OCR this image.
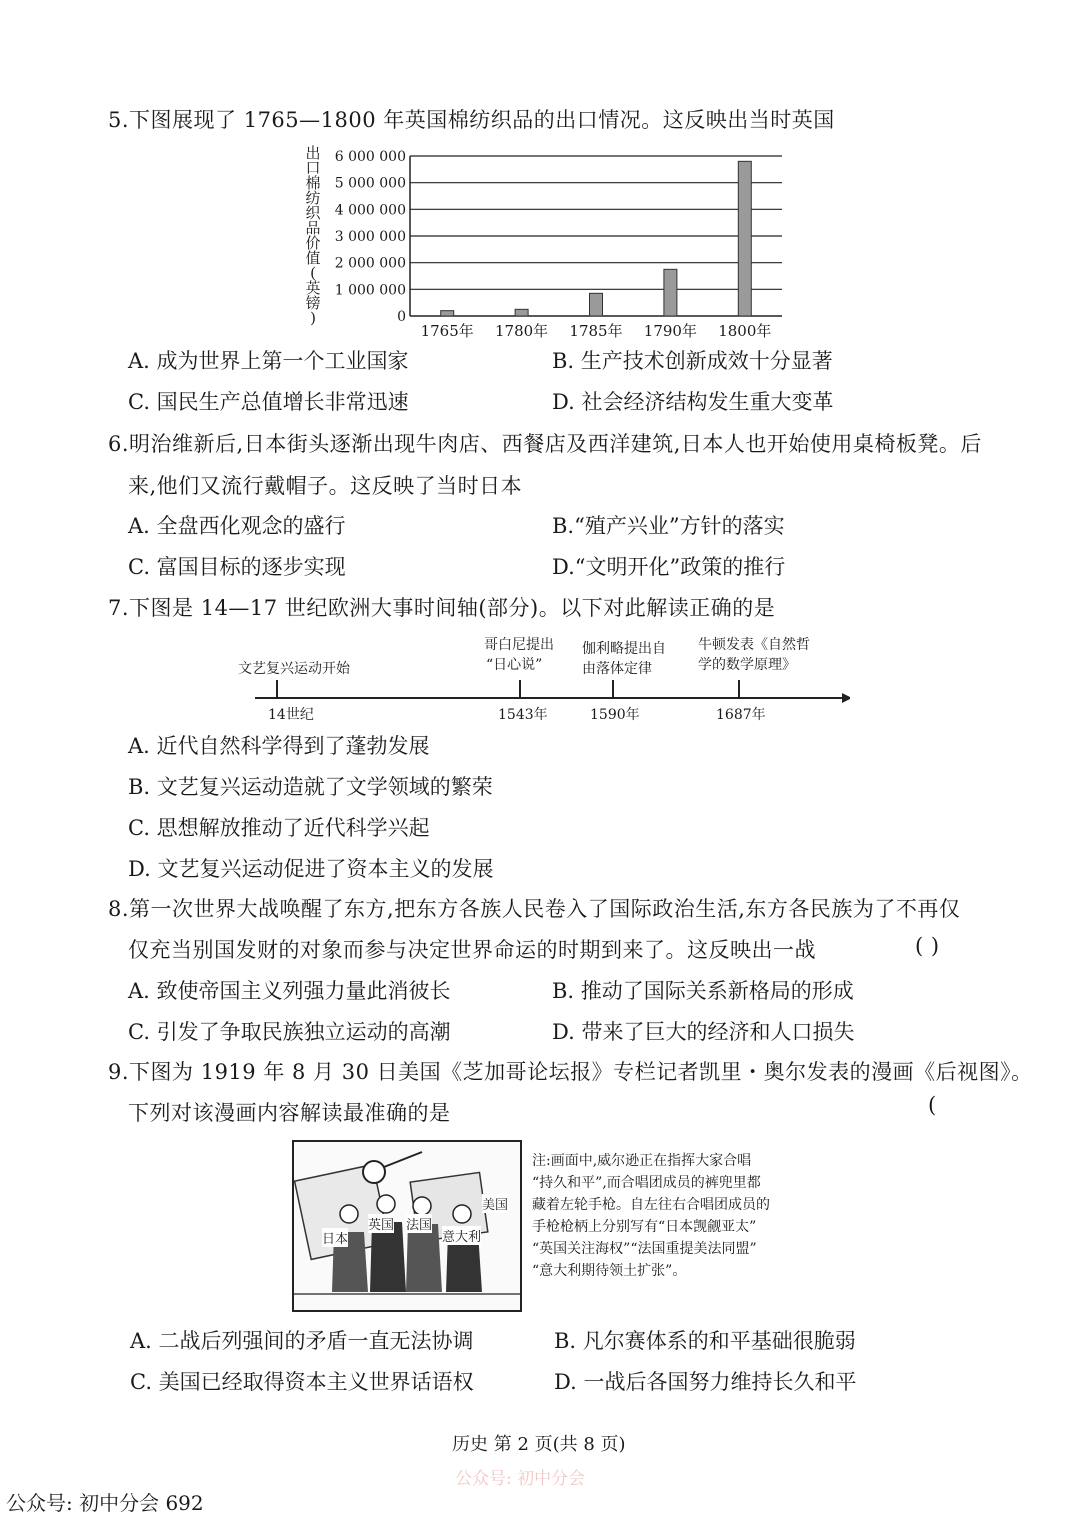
5.下图展现了 1765—1800 年英国棉纺织品的出口情况。这反映出当时英国
出
口
棉
纺
织
品
价
值
(
英
镑
)	0
1 000 000
2 000 000
3 000 000
4 000 000
5 000 000
6 000 000
1765年 1780年 1785年 1790年 1800年
A. 成为世界上第一个工业国家	B. 生产技术创新成效十分显著
C. 国民生产总值增长非常迅速	D. 社会经济结构发生重大变革
6.明治维新后,日本街头逐渐出现牛肉店、西餐店及西洋建筑,日本人也开始使用桌椅板凳。后
来,他们又流行戴帽子。这反映了当时日本
A. 全盘西化观念的盛行	B.“殖产兴业”方针的落实
C. 富国目标的逐步实现	D.“文明开化”政策的推行
7.下图是 14—17 世纪欧洲大事时间轴(部分)。以下对此解读正确的是
文艺复兴运动开始
哥白尼提出
“日心说”
伽利略提出自
由落体定律
牛顿发表《自然哲
学的数学原理》
14世纪	1543年	1590年	1687年
A. 近代自然科学得到了蓬勃发展
B. 文艺复兴运动造就了文学领域的繁荣
C. 思想解放推动了近代科学兴起
D. 文艺复兴运动促进了资本主义的发展
8.第一次世界大战唤醒了东方,把东方各族人民卷入了国际政治生活,东方各民族为了不再仅
仅充当别国发财的对象而参与决定世界命运的时期到来了。这反映出一战	( )
A. 致使帝国主义列强力量此消彼长	B. 推动了国际关系新格局的形成
C. 引发了争取民族独立运动的高潮	D. 带来了巨大的经济和人口损失
9.下图为 1919 年 8 月 30 日美国《芝加哥论坛报》专栏记者凯里・奥尔发表的漫画《后视图》。
下列对该漫画内容解读最准确的是	(
日本
英国 法国
意大利
美国
注:画面中,威尔逊正在指挥大家合唱
“持久和平”,而合唱团成员的裤兜里都
藏着左轮手枪。自左往右合唱团成员的
手枪枪柄上分别写有“日本觊觎亚太”
“英国关注海权”“法国重提美法同盟”
“意大利期待领土扩张”。
A. 二战后列强间的矛盾一直无法协调	B. 凡尔赛体系的和平基础很脆弱
C. 美国已经取得资本主义世界话语权	D. 一战后各国努力维持长久和平
历史 第 2 页(共 8 页)
公众号: 初中分会
公众号: 初中分会 692
